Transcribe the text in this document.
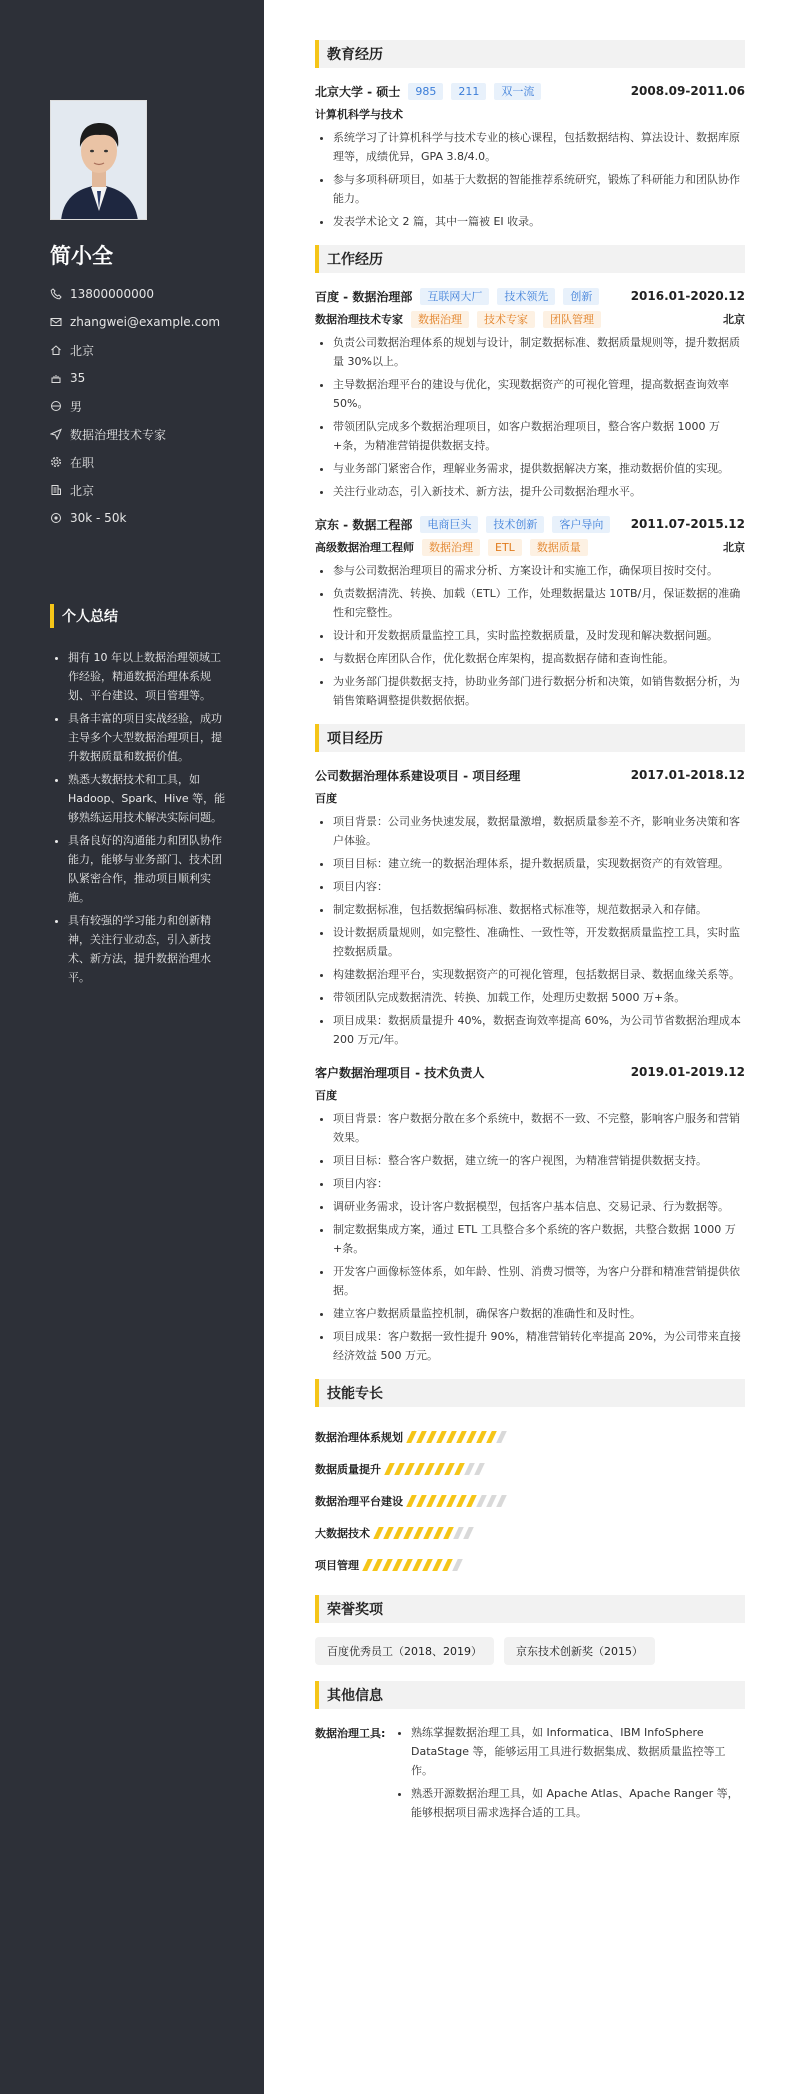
简小全
13800000000
zhangwei@example.com
北京
35
男
数据治理技术专家
在职
北京
30k - 50k
个人总结
• 拥有 10 年以上数据治理领域工作经验，精通数据治理体系规划、平台建设、项目管理等。
• 具备丰富的项目实战经验，成功主导多个大型数据治理项目，提升数据质量和数据价值。
• 熟悉大数据技术和工具，如 Hadoop、Spark、Hive 等，能够熟练运用技术解决实际问题。
• 具备良好的沟通能力和团队协作能力，能够与业务部门、技术团队紧密合作，推动项目顺利实施。
• 具有较强的学习能力和创新精神，关注行业动态，引入新技术、新方法，提升数据治理水平。
教育经历
北京大学 - 硕士	985	211	双一流	2008.09-2011.06
计算机科学与技术
• 系统学习了计算机科学与技术专业的核心课程，包括数据结构、算法设计、数据库原理等，成绩优异，GPA 3.8/4.0。
• 参与多项科研项目，如基于大数据的智能推荐系统研究，锻炼了科研能力和团队协作能力。
• 发表学术论文 2 篇，其中一篇被 EI 收录。
工作经历
百度 - 数据治理部	互联网大厂	技术领先	创新	2016.01-2020.12
数据治理技术专家	数据治理	技术专家	团队管理	北京
• 负责公司数据治理体系的规划与设计，制定数据标准、数据质量规则等，提升数据质量 30%以上。
• 主导数据治理平台的建设与优化，实现数据资产的可视化管理，提高数据查询效率 50%。
• 带领团队完成多个数据治理项目，如客户数据治理项目，整合客户数据 1000 万+条，为精准营销提供数据支持。
• 与业务部门紧密合作，理解业务需求，提供数据解决方案，推动数据价值的实现。
• 关注行业动态，引入新技术、新方法，提升公司数据治理水平。
京东 - 数据工程部	电商巨头	技术创新	客户导向	2011.07-2015.12
高级数据治理工程师	数据治理	ETL	数据质量	北京
• 参与公司数据治理项目的需求分析、方案设计和实施工作，确保项目按时交付。
• 负责数据清洗、转换、加载（ETL）工作，处理数据量达 10TB/月，保证数据的准确性和完整性。
• 设计和开发数据质量监控工具，实时监控数据质量，及时发现和解决数据问题。
• 与数据仓库团队合作，优化数据仓库架构，提高数据存储和查询性能。
• 为业务部门提供数据支持，协助业务部门进行数据分析和决策，如销售数据分析，为销售策略调整提供数据依据。
项目经历
公司数据治理体系建设项目 - 项目经理	2017.01-2018.12
百度
• 项目背景：公司业务快速发展，数据量激增，数据质量参差不齐，影响业务决策和客户体验。
• 项目目标：建立统一的数据治理体系，提升数据质量，实现数据资产的有效管理。
• 项目内容：
• 制定数据标准，包括数据编码标准、数据格式标准等，规范数据录入和存储。
• 设计数据质量规则，如完整性、准确性、一致性等，开发数据质量监控工具，实时监控数据质量。
• 构建数据治理平台，实现数据资产的可视化管理，包括数据目录、数据血缘关系等。
• 带领团队完成数据清洗、转换、加载工作，处理历史数据 5000 万+条。
• 项目成果：数据质量提升 40%，数据查询效率提高 60%，为公司节省数据治理成本 200 万元/年。
客户数据治理项目 - 技术负责人	2019.01-2019.12
百度
• 项目背景：客户数据分散在多个系统中，数据不一致、不完整，影响客户服务和营销效果。
• 项目目标：整合客户数据，建立统一的客户视图，为精准营销提供数据支持。
• 项目内容：
• 调研业务需求，设计客户数据模型，包括客户基本信息、交易记录、行为数据等。
• 制定数据集成方案，通过 ETL 工具整合多个系统的客户数据，共整合数据 1000 万+条。
• 开发客户画像标签体系，如年龄、性别、消费习惯等，为客户分群和精准营销提供依据。
• 建立客户数据质量监控机制，确保客户数据的准确性和及时性。
• 项目成果：客户数据一致性提升 90%，精准营销转化率提高 20%，为公司带来直接经济效益 500 万元。
技能专长
数据治理体系规划
数据质量提升
数据治理平台建设
大数据技术
项目管理
荣誉奖项
百度优秀员工（2018、2019）	京东技术创新奖（2015）
其他信息
数据治理工具:
•	熟练掌握数据治理工具，如 Informatica、IBM InfoSphere DataStage 等，能够运用工具进行数据集成、数据质量监控等工作。
• 熟悉开源数据治理工具，如 Apache Atlas、Apache Ranger 等，能够根据项目需求选择合适的工具。
